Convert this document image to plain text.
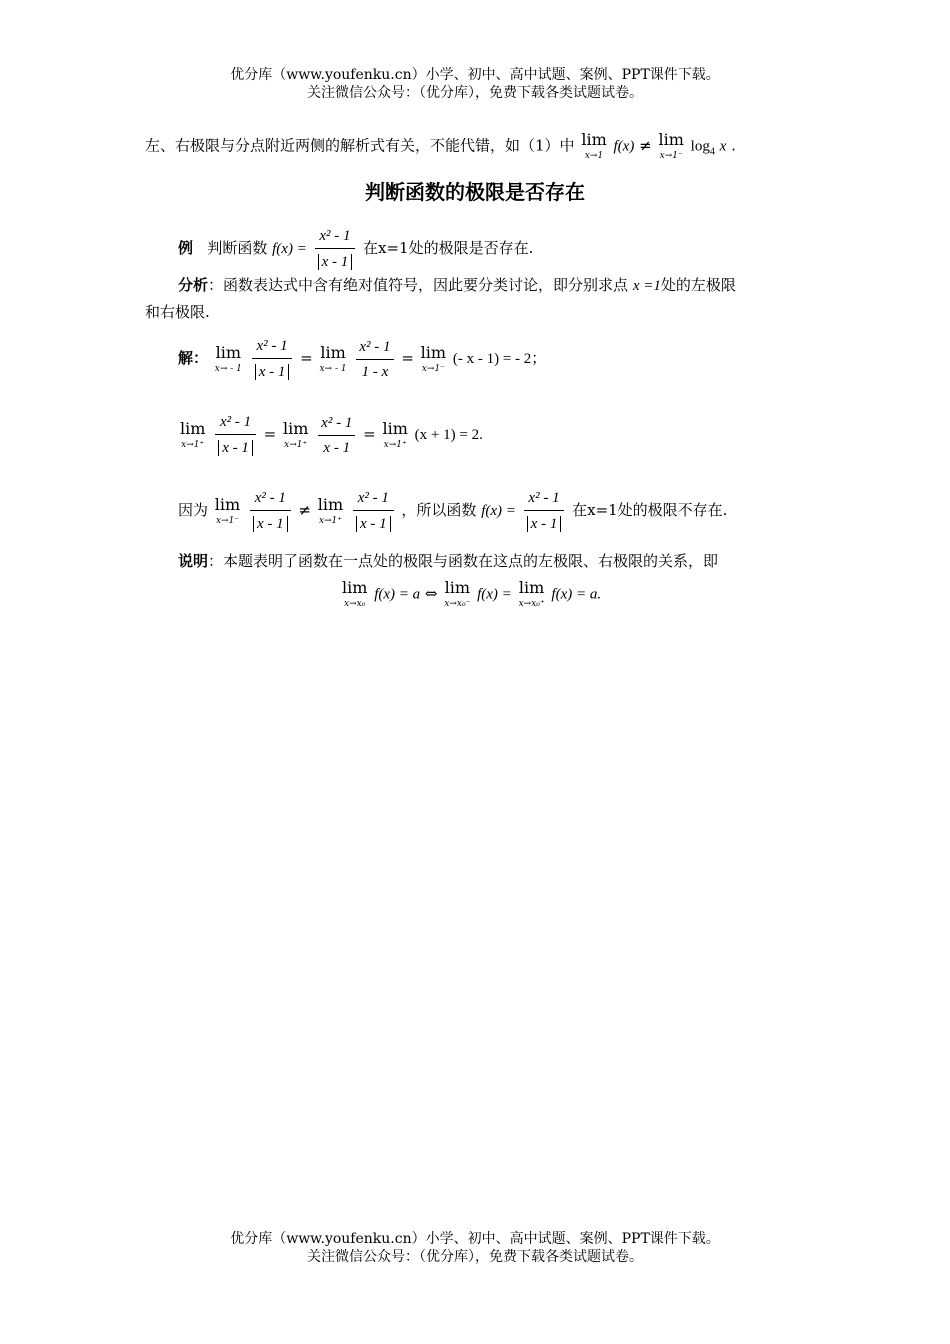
优分库（www.youfenku.cn）小学、初中、高中试题、案例、PPT课件下载。
关注微信公众号：（优分库），免费下载各类试题试卷。
左、右极限与分点附近两侧的解析式有关，不能代错，如（1）中 lim
x→1
f(x) ≠ lim
x→1⁻
$\log_4 x$ .
判断函数的极限是否存在
例 判断函数 $f(x) = \frac{\text{x² - 1}}{x - 1}$ 在x=1处的极限是否存在.
分析：函数表达式中含有绝对值符号，因此要分类讨论，即分别求点 x =1处的左极限
和右极限.
解： lim
x→ - 1
$\frac{\text{x² - 1}}{x - 1} = \lim$
x→ - 1
$\frac{\text{x² - 1}}{1 - x} = \lim$
x→1⁻
(- x - 1) = - 2；
lim
x→1⁺
$\frac{\text{x² - 1}}{x - 1} = \lim$
x→1⁺
$\frac{\text{x² - 1}}{x - 1} = \lim$
x→1⁺
(x + 1) = 2.
因为 lim
x→1⁻
$\frac{\text{x² - 1}}{x - 1} \ne \lim$
x→1⁺
$\frac{\text{x² - 1}}{x - 1}$ ，所以函数 $f(x) = \frac{\text{x² - 1}}{x - 1}$ 在x=1处的极限不存在.
说明：本题表明了函数在一点处的极限与函数在这点的左极限、右极限的关系，即
lim
x→x₀
f(x) = a ⇔ lim
x→x₀⁻
f(x) = lim
x→x₀⁺
f(x) = a.
优分库（www.youfenku.cn）小学、初中、高中试题、案例、PPT课件下载。
关注微信公众号：（优分库），免费下载各类试题试卷。
